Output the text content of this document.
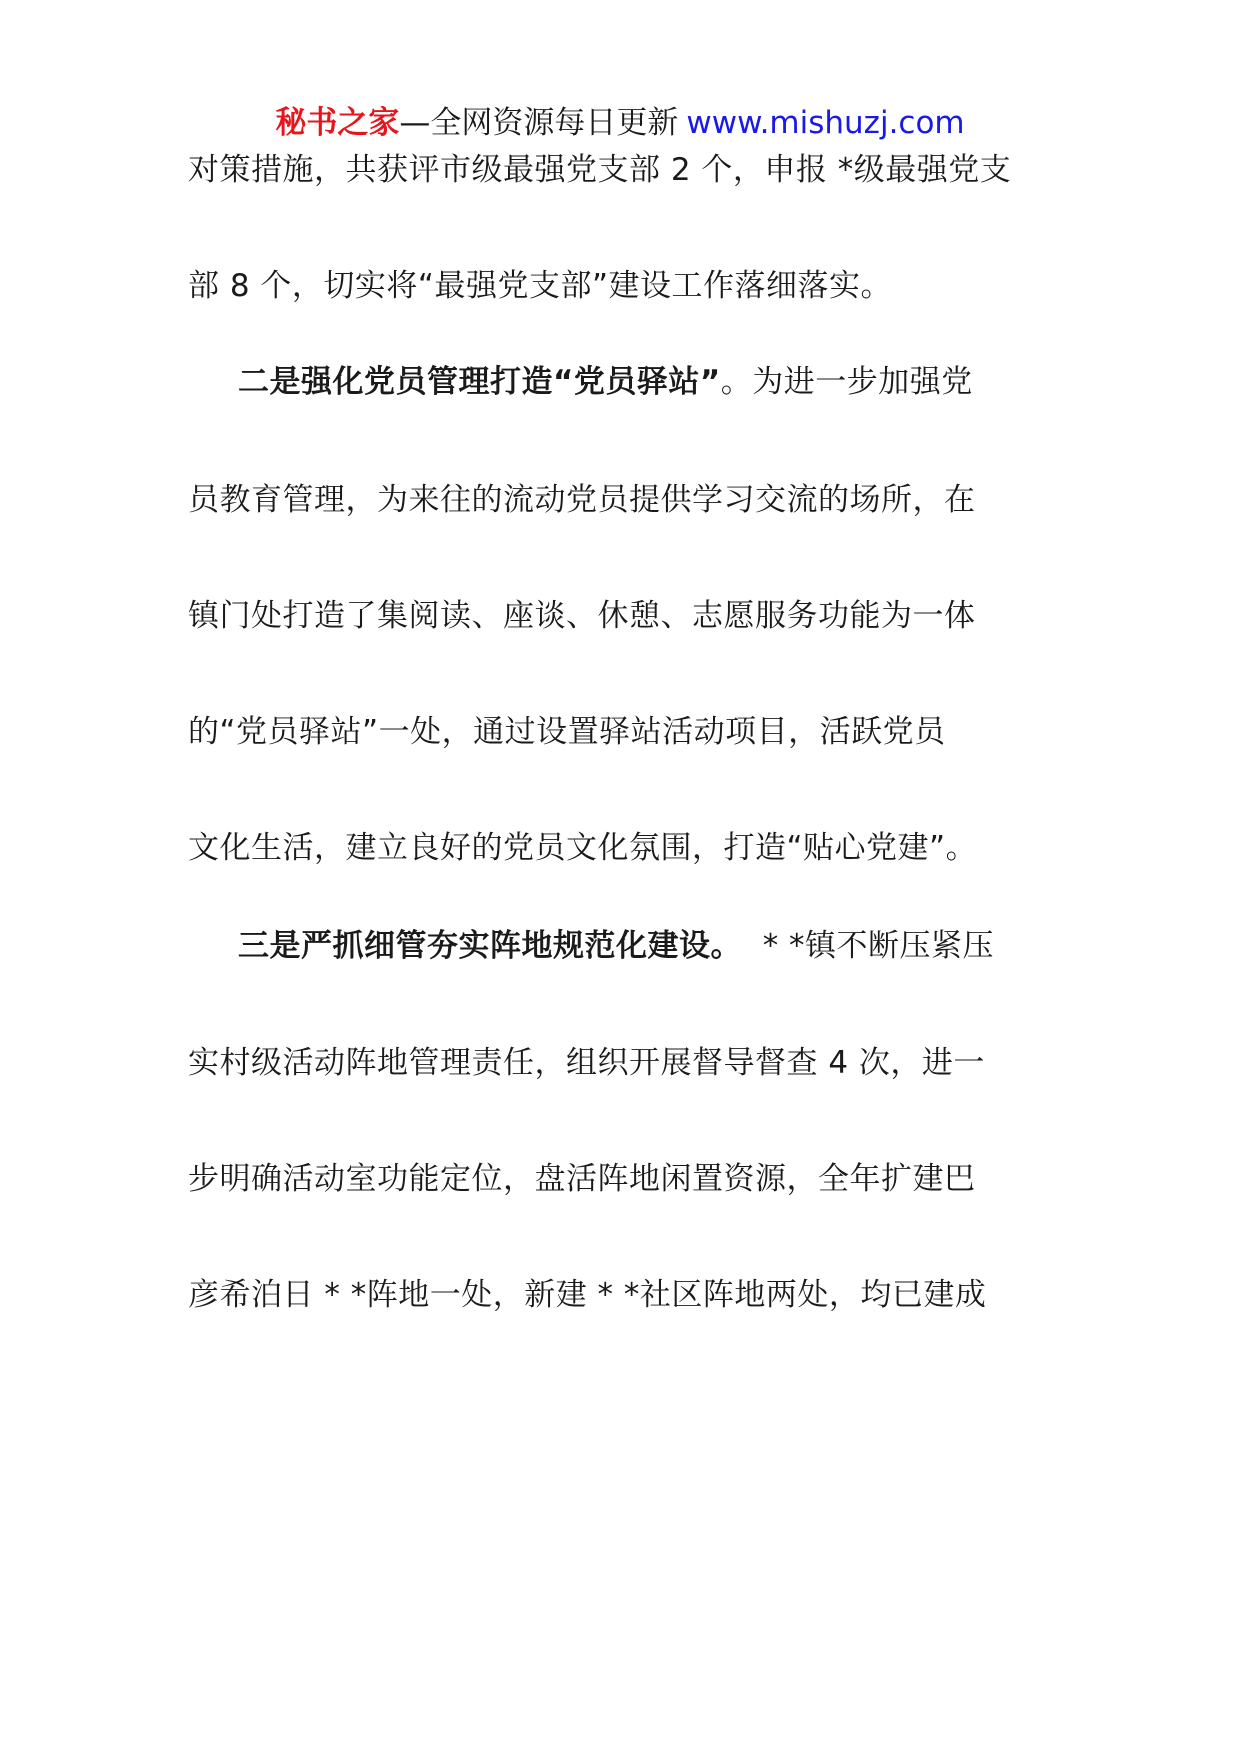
秘书之家—全网资源每日更新 www.mishuzj.com
对策措施，共获评市级最强党支部 2 个，申报 *级最强党支
部 8 个，切实将“最强党支部”建设工作落细落实。
二是强化党员管理打造“党员驿站”。为进一步加强党
员教育管理，为来往的流动党员提供学习交流的场所，在
镇门处打造了集阅读、座谈、休憩、志愿服务功能为一体
的“党员驿站”一处，通过设置驿站活动项目，活跃党员
文化生活，建立良好的党员文化氛围，打造“贴心党建”。
三是严抓细管夯实阵地规范化建设。  * *镇不断压紧压
实村级活动阵地管理责任，组织开展督导督查 4 次，进一
步明确活动室功能定位，盘活阵地闲置资源，全年扩建巴
彦希泊日 * *阵地一处，新建 * *社区阵地两处，均已建成
